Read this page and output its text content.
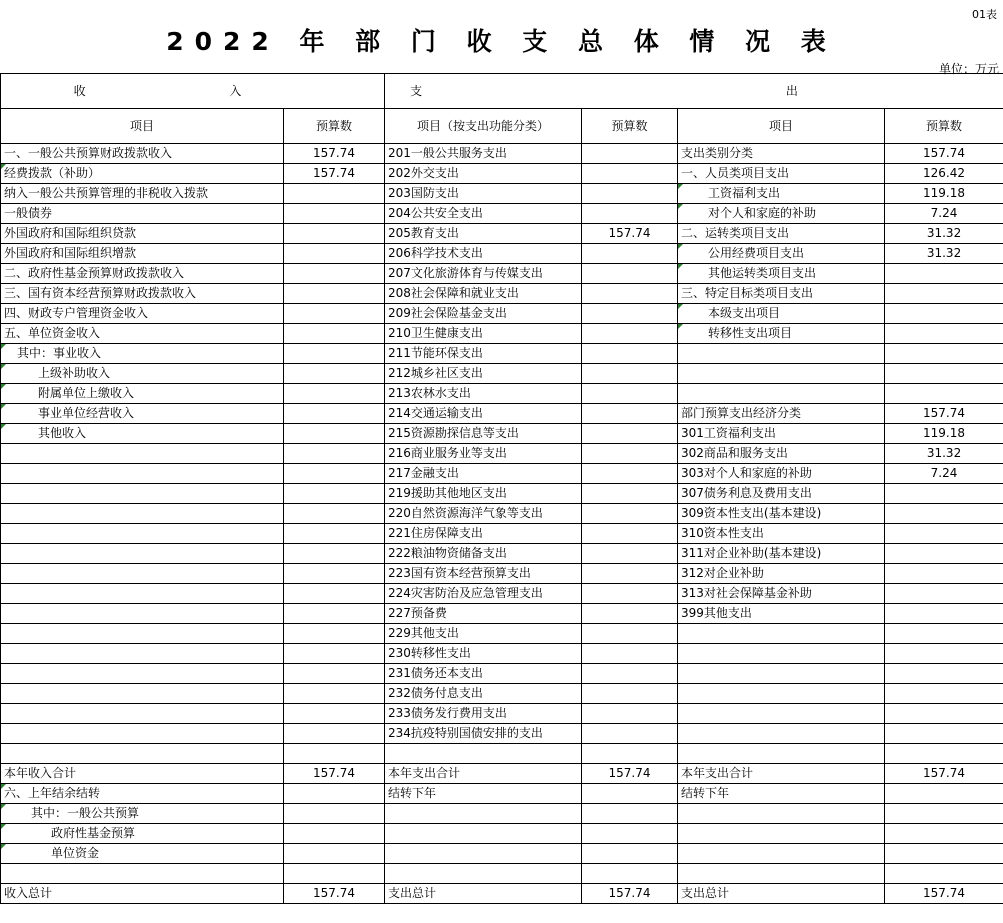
01表
2022 年 部 门 收 支 总 体 情 况 表
单位：万元
收 入		支 出			
项目	预算数	项目（按支出功能分类）	预算数	项目	预算数
一、一般公共预算财政拨款收入	157.74	201一般公共服务支出		支出类别分类	157.74
经费拨款（补助）	157.74	202外交支出		一、人员类项目支出	126.42
纳入一般公共预算管理的非税收入拨款		203国防支出		工资福利支出	119.18
一般债券		204公共安全支出		对个人和家庭的补助	7.24
外国政府和国际组织贷款		205教育支出	157.74	二、运转类项目支出	31.32
外国政府和国际组织增款		206科学技术支出		公用经费项目支出	31.32
二、政府性基金预算财政拨款收入		207文化旅游体育与传媒支出		其他运转类项目支出	
三、国有资本经营预算财政拨款收入		208社会保障和就业支出		三、特定目标类项目支出	
四、财政专户管理资金收入		209社会保险基金支出		本级支出项目	
五、单位资金收入		210卫生健康支出		转移性支出项目	
其中：事业收入		211节能环保支出			
上级补助收入		212城乡社区支出			
附属单位上缴收入		213农林水支出			
事业单位经营收入		214交通运输支出		部门预算支出经济分类	157.74
其他收入		215资源勘探信息等支出		301工资福利支出	119.18
		216商业服务业等支出		302商品和服务支出	31.32
		217金融支出		303对个人和家庭的补助	7.24
		219援助其他地区支出		307债务利息及费用支出	
		220自然资源海洋气象等支出		309资本性支出(基本建设)	
		221住房保障支出		310资本性支出	
		222粮油物资储备支出		311对企业补助(基本建设)	
		223国有资本经营预算支出		312对企业补助	
		224灾害防治及应急管理支出		313对社会保障基金补助	
		227预备费		399其他支出	
		229其他支出			
		230转移性支出			
		231债务还本支出			
		232债务付息支出			
		233债务发行费用支出			
		234抗疫特别国债安排的支出			

本年收入合计	157.74	本年支出合计	157.74	本年支出合计	157.74
六、上年结余结转		结转下年		结转下年	
其中：一般公共预算					
政府性基金预算					
单位资金					

收入总计	157.74	支出总计	157.74	支出总计	157.74
